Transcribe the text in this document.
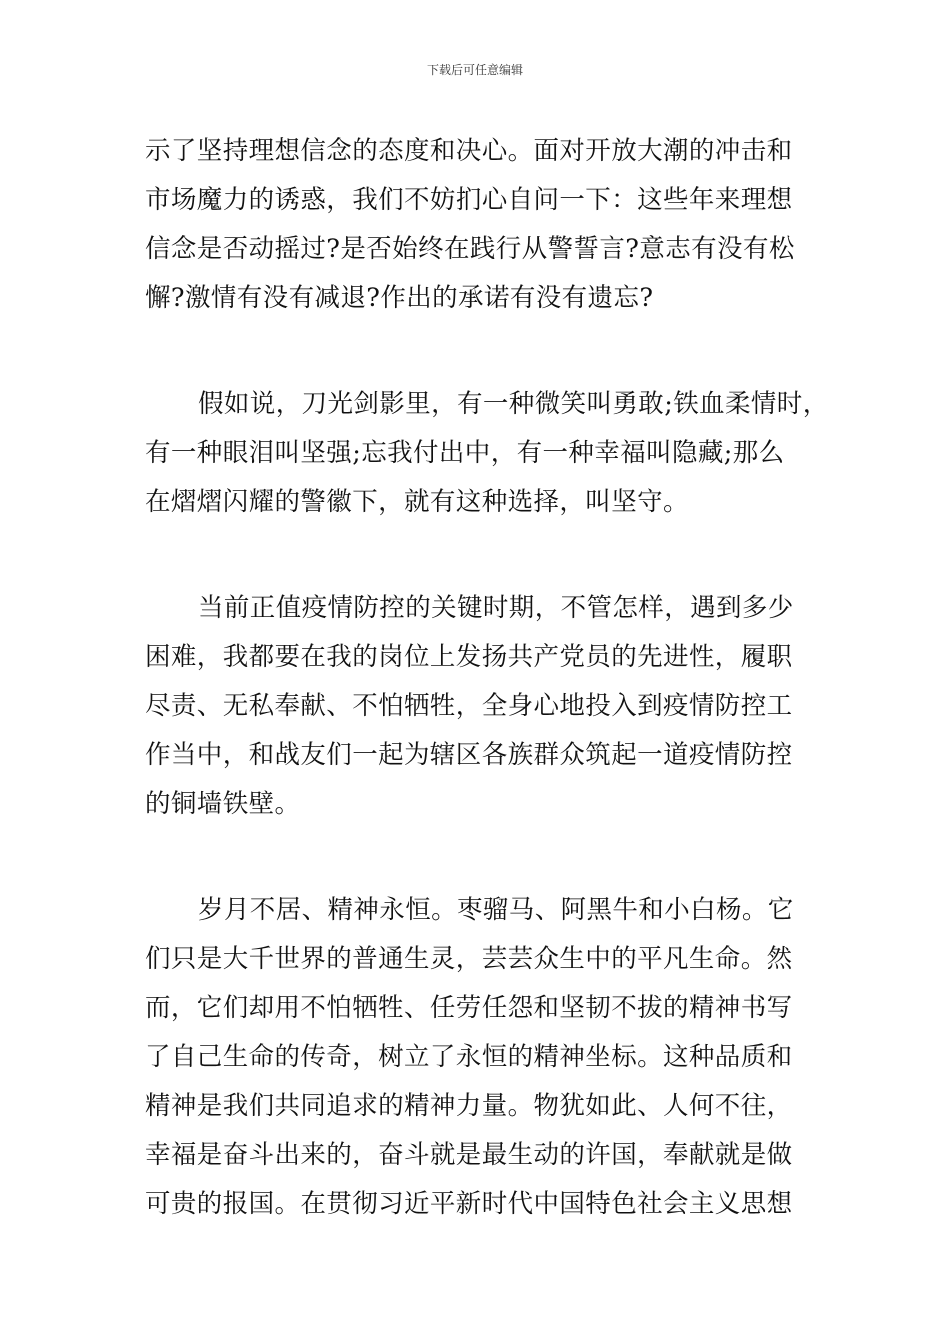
下载后可任意编辑
示了坚持理想信念的态度和决心。面对开放大潮的冲击和
市场魔力的诱惑，我们不妨扪心自问一下：这些年来理想
信念是否动摇过?是否始终在践行从警誓言?意志有没有松
懈?激情有没有减退?作出的承诺有没有遗忘?
假如说，刀光剑影里，有一种微笑叫勇敢;铁血柔情时，
有一种眼泪叫坚强;忘我付出中，有一种幸福叫隐藏;那么
在熠熠闪耀的警徽下，就有这种选择，叫坚守。
当前正值疫情防控的关键时期，不管怎样，遇到多少
困难，我都要在我的岗位上发扬共产党员的先进性，履职
尽责、无私奉献、不怕牺牲，全身心地投入到疫情防控工
作当中，和战友们一起为辖区各族群众筑起一道疫情防控
的铜墙铁壁。
岁月不居、精神永恒。枣骝马、阿黑牛和小白杨。它
们只是大千世界的普通生灵，芸芸众生中的平凡生命。然
而，它们却用不怕牺牲、任劳任怨和坚韧不拔的精神书写
了自己生命的传奇，树立了永恒的精神坐标。这种品质和
精神是我们共同追求的精神力量。物犹如此、人何不往，
幸福是奋斗出来的，奋斗就是最生动的许国，奉献就是做
可贵的报国。在贯彻习近平新时代中国特色社会主义思想
